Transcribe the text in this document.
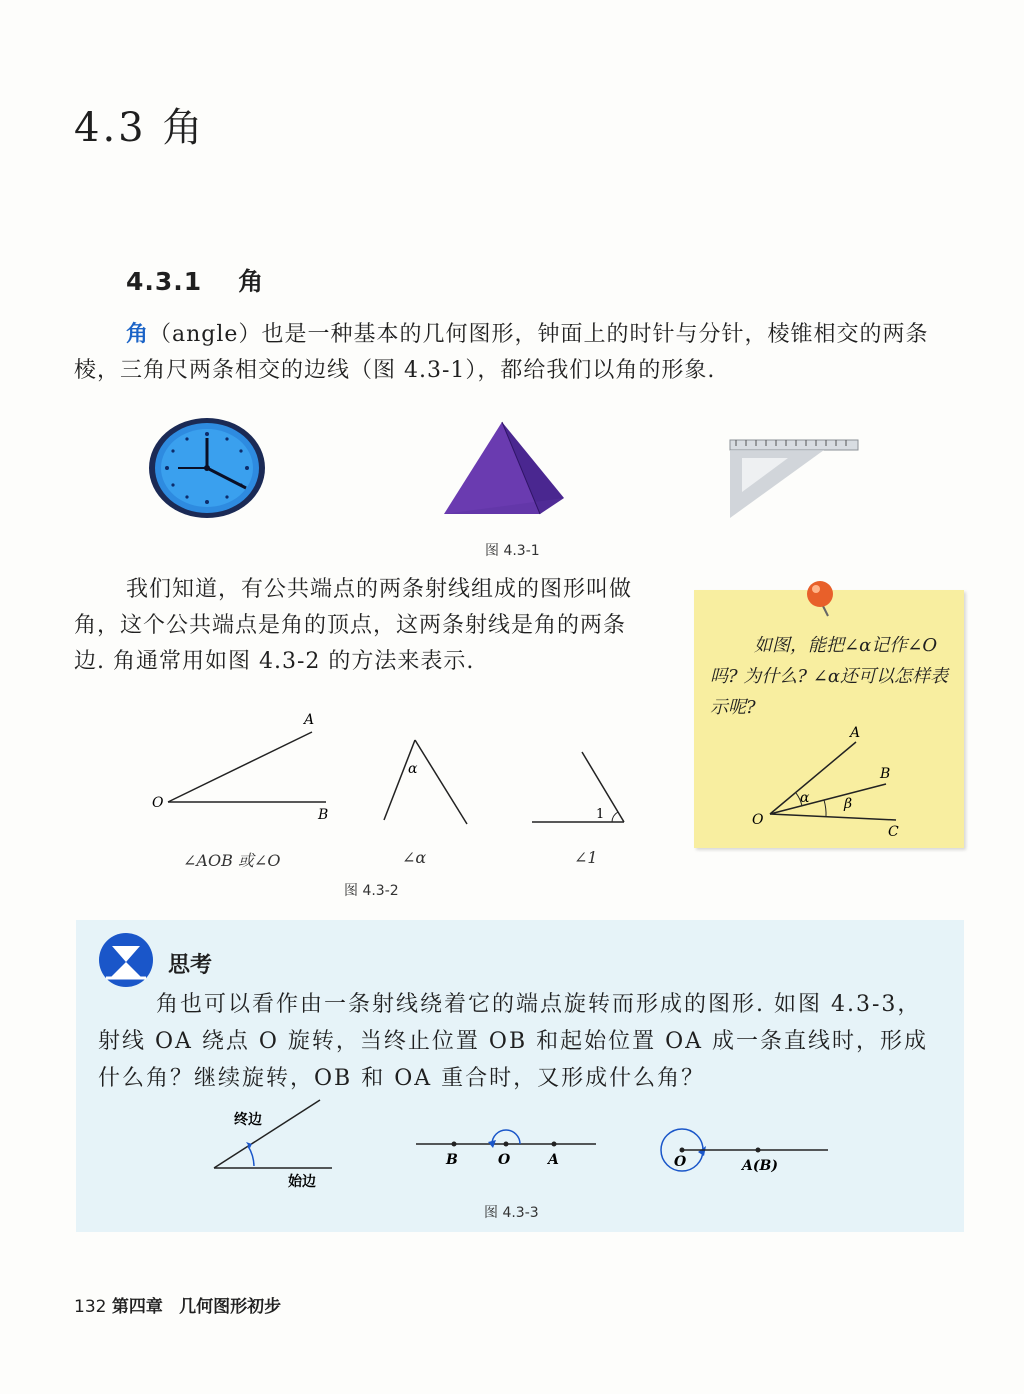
4.3 角
4.3.1 角
角（angle）也是一种基本的几何图形，钟面上的时针与分针，棱锥相交的两条棱，三角尺两条相交的边线（图 4.3-1），都给我们以角的形象.
图 4.3-1
我们知道，有公共端点的两条射线组成的图形叫做角，这个公共端点是角的顶点，这两条射线是角的两条边. 角通常用如图 4.3-2 的方法来表示.
A
O
B
α
1
∠AOB 或∠O	∠α	∠1
图 4.3-2
如图，能把∠α记作∠O 吗? 为什么? ∠α还可以怎样表示呢?
A
B
C
O
α β
思考
角也可以看作由一条射线绕着它的端点旋转而形成的图形. 如图 4.3-3，射线 OA 绕点 O 旋转，当终止位置 OB 和起始位置 OA 成一条直线时，形成什么角？继续旋转，OB 和 OA 重合时，又形成什么角？
终边
始边
B	O	A	O	A(B)
图 4.3-3
132 第四章 几何图形初步
